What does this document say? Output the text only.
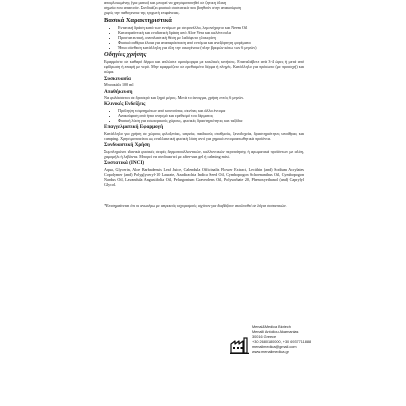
αποφλοιωμένης (για ματια) και μπορεί να χρησιμοποιηθεί σε ζητικη όλικη

σημεία που απαιτούν. Συνδυάζει φυσικά συστατικά που βοηθούν στην ανακούφιση

χωρίς την παθογενεια της τριχωτή επιφάνειας.

Βασικά Χαρακτηριστικά
• Εντατική δράση κατά των εντόμων με σιτρονέλλα, λεμονόχορτο και Neem Oil
• Καταπραϋντική και ενυδατική δράση από Aloe Vera και καλέντουλα
• Προστατευτική, αναπλαστική θέση με λαδόφυτο γλυκερίνη
• Φυσικά αιθέρια έλαια για αναπαράσταση από εντόμια και ανεξάρτητη φορέματα
• Ήπια σύνθεση κατάλληλη για όλη την οικογένεια (πλην βρεφών κάτω των 6 μηνών)
Οδηγίες χρήσης

Εφαρμόστε σε καθαρό δέρμα και απλώστε ομοιόμορφα με κυκλικές κινήσεις. Επαναλάβετε ανά 3-4 ώρες ή μετά από εφίδρωση ή επαφή με νερό. Μην εφαρμόζετε σε ερεθισμένο δέρμα ή πληγές. Κατάλληλο για πρόσωπο (με προσοχή) και σώμα.

Συσκευασία

Μπουκάλι 100 ml

Αποθήκευση

Να φυλάσσεται σε δροσερό και ξηρό μέρος. Μετά το άνοιγμα, χρήση εντός 6 μηνών.

Κλινικές Ενδείξεις
• Πρόληψη τσιμπημάτων από κουνούπια, σκνίπες και άλλα έντομα
• Ανακούφιση από ήπιο κνησμό και ερεθισμό του δέρματος
• Φυσική λύση για εσωτερικούς χώρους, φυσικές δραστηριότητες και ταξίδια
Επαγγελματική Εφαρμογή

Κατάλληλο για χρήση σε χώρους φιλοξενίας, ιατρεία, παιδικούς σταθμούς, ξενοδοχεία, δραστηριότητες υπαίθριες και camping. Χρησιμοποιείται ως εναλλακτική φυσική λύση αντί για χημικά εντομοαπωθητικά προϊόντα.

Συνδυαστική Χρήση

Συμπληρώνει ιδανικά φυσικές σειρές δερματοαλλαντικών, καλλυντικών περιποίησης ή αρωματικά προϊόντων με αλόη, χαμομήλι ή λεβάντα. Μπορεί να συνδυαστεί με after-sun gel ή calming mist.

Συστατικά (INCI)

Aqua, Glycerin, Aloe Barbadensis Leaf Juice, Calendula Officinalis Flower Extract, Lecithin (and) Sodium Acrylates Copolymer (and) Polyglyceryl-10 Laurate, Azadirachta Indica Seed Oil, Cymbopogon Schoenanthus Oil, Cymbopogon Nardus Oil, Lavandula Angustifolia Oil, Pelargonium Graveolens Oil, Polysorbate 20, Phenoxyethanol (and) Caprylyl Glycol.

*Επισημαίνεται ότι οι ανωτέρω με ιατρικούς ισχυρισμούς ισχύουν για διαβάζουν ακολουθεί σε λόγια συστατικών.

Menal&Medica Biotech
Menalli Antoliou Akarnanias
30016 Greece
+30 2680180000, +30 6937711888
menalimedica@gmail.com
www.menalimedica.gr
